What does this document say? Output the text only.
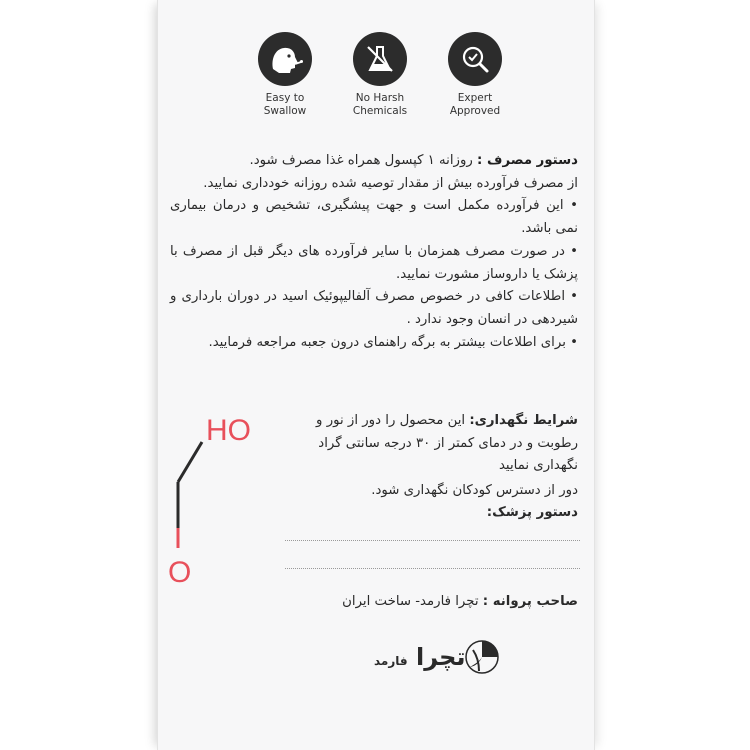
HO
O
Easy to
Swallow
No Harsh
Chemicals
Expert
Approved

دستور مصرف : روزانه ۱ کپسول همراه غذا مصرف شود.

از مصرف فرآورده بیش از مقدار توصیه شده روزانه خودداری نمایید.

• این فرآورده مکمل است و جهت پیشگیری، تشخیص و درمان بیماری نمی باشد.

• در صورت مصرف همزمان با سایر فرآورده های دیگر قبل از مصرف با پزشک یا داروساز مشورت نمایید.

• اطلاعات کافی در خصوص مصرف آلفالیپوئیک اسید در دوران بارداری و شیردهی در انسان وجود ندارد .

• برای اطلاعات بیشتر به برگه راهنمای درون جعبه مراجعه فرمایید.

شرایط نگهداری: این محصول را دور از نور و رطوبت و در دمای کمتر از ۳۰ درجه سانتی گراد نگهداری نمایید
دور از دسترس کودکان نگهداری شود.
دستور پزشک:
صاحب پروانه : تچرا فارمد- ساخت ایران
تچرا فارمد
